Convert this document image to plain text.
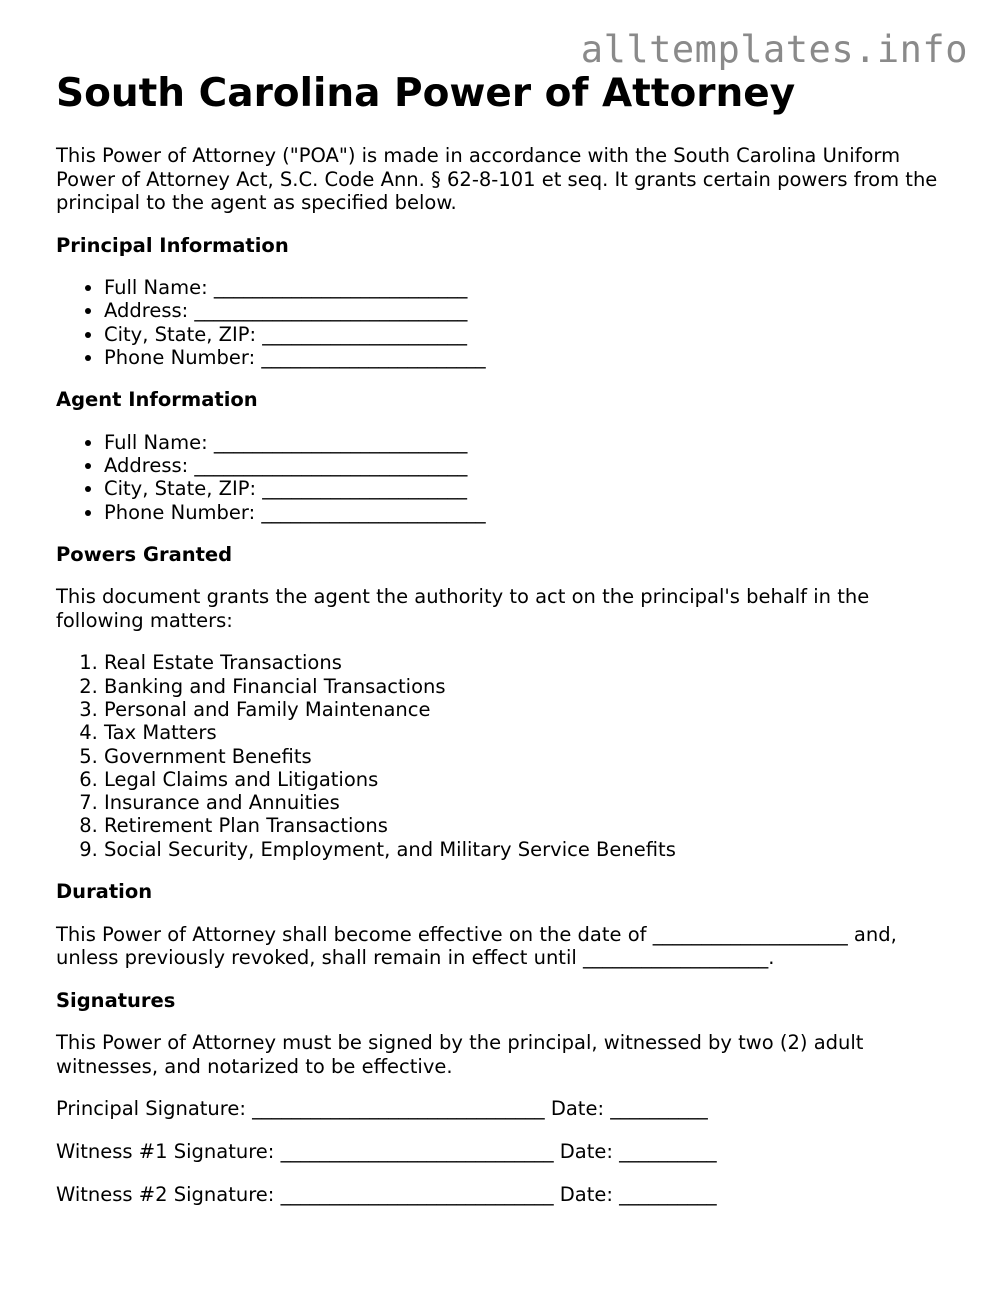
alltemplates.info
South Carolina Power of Attorney

This Power of Attorney ("POA") is made in accordance with the South Carolina Uniform Power of Attorney Act, S.C. Code Ann. § 62-8-101 et seq. It grants certain powers from the principal to the agent as specified below.

Principal Information
• Full Name: __________________________
• Address: ____________________________
• City, State, ZIP: _____________________
• Phone Number: _______________________
Agent Information
• Full Name: __________________________
• Address: ____________________________
• City, State, ZIP: _____________________
• Phone Number: _______________________
Powers Granted

This document grants the agent the authority to act on the principal's behalf in the following matters:

1. Real Estate Transactions
2. Banking and Financial Transactions
3. Personal and Family Maintenance
4. Tax Matters
5. Government Benefits
6. Legal Claims and Litigations
7. Insurance and Annuities
8. Retirement Plan Transactions
9. Social Security, Employment, and Military Service Benefits
Duration

This Power of Attorney shall become effective on the date of ____________________ and, unless previously revoked, shall remain in effect until ___________________.

Signatures

This Power of Attorney must be signed by the principal, witnessed by two (2) adult witnesses, and notarized to be effective.

Principal Signature: ______________________________ Date: __________

Witness #1 Signature: ____________________________ Date: __________

Witness #2 Signature: ____________________________ Date: __________
